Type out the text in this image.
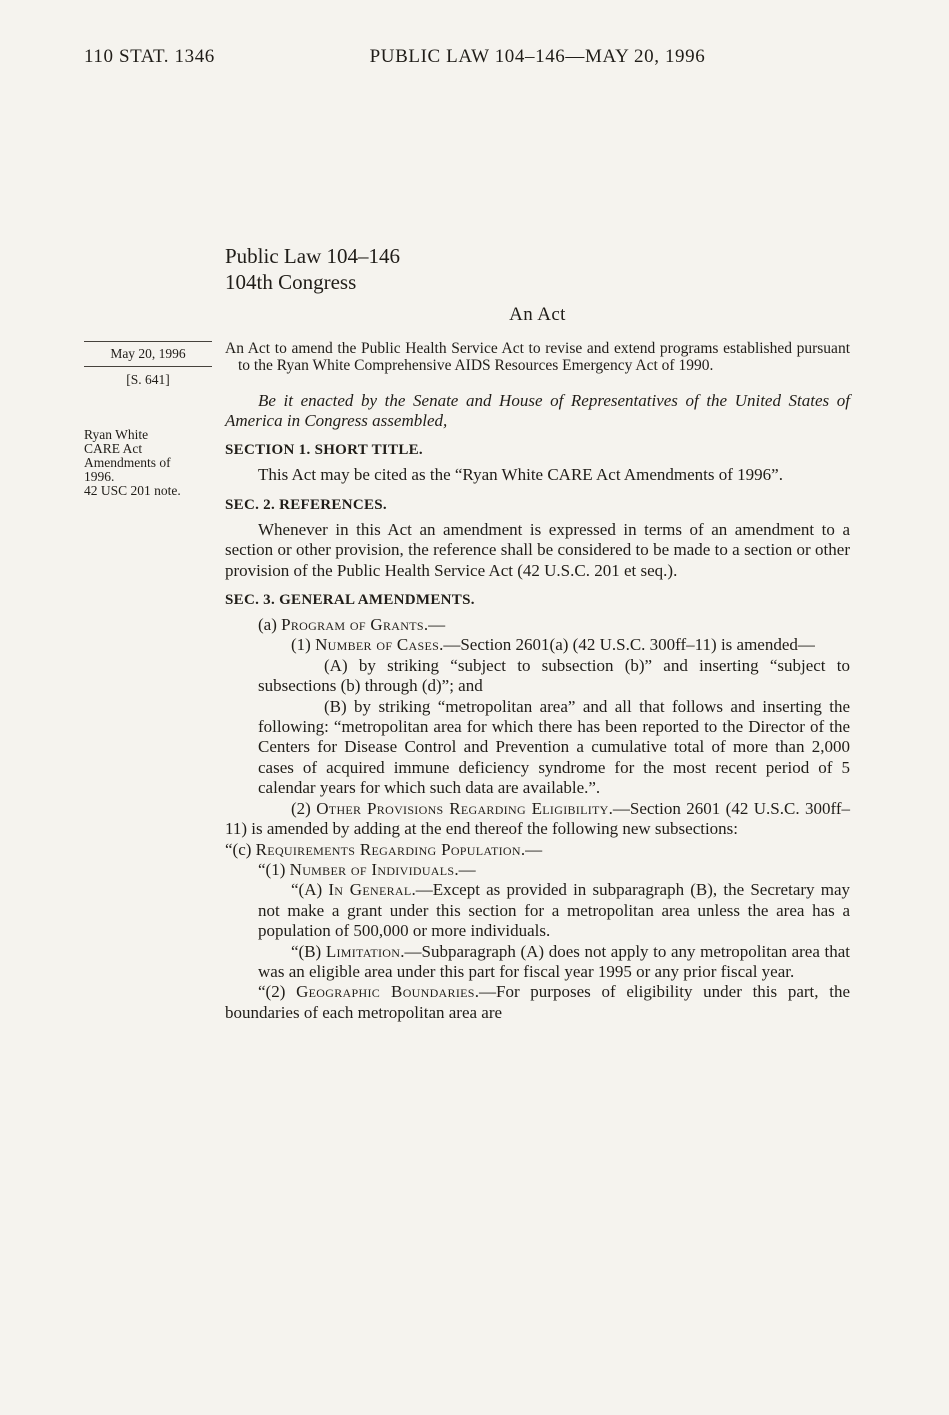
110 STAT. 1346	PUBLIC LAW 104–146—MAY 20, 1996
May 20, 1996
[S. 641]
Ryan White
CARE Act
Amendments of
1996.
42 USC 201 note.
Public Law 104–146
104th Congress
An Act

An Act to amend the Public Health Service Act to revise and extend programs established pursuant to the Ryan White Comprehensive AIDS Resources Emergency Act of 1990.

Be it enacted by the Senate and House of Representatives of the United States of America in Congress assembled,

SECTION 1. SHORT TITLE.

This Act may be cited as the “Ryan White CARE Act Amendments of 1996”.

SEC. 2. REFERENCES.

Whenever in this Act an amendment is expressed in terms of an amendment to a section or other provision, the reference shall be considered to be made to a section or other provision of the Public Health Service Act (42 U.S.C. 201 et seq.).

SEC. 3. GENERAL AMENDMENTS.

(a) Program of Grants.—

(1) Number of Cases.—Section 2601(a) (42 U.S.C. 300ff–11) is amended—

(A) by striking “subject to subsection (b)” and inserting “subject to subsections (b) through (d)”; and

(B) by striking “metropolitan area” and all that follows and inserting the following: “metropolitan area for which there has been reported to the Director of the Centers for Disease Control and Prevention a cumulative total of more than 2,000 cases of acquired immune deficiency syndrome for the most recent period of 5 calendar years for which such data are available.”.

(2) Other Provisions Regarding Eligibility.—Section 2601 (42 U.S.C. 300ff–11) is amended by adding at the end thereof the following new subsections:

“(c) Requirements Regarding Population.—

“(1) Number of Individuals.—

“(A) In General.—Except as provided in subparagraph (B), the Secretary may not make a grant under this section for a metropolitan area unless the area has a population of 500,000 or more individuals.

“(B) Limitation.—Subparagraph (A) does not apply to any metropolitan area that was an eligible area under this part for fiscal year 1995 or any prior fiscal year.

“(2) Geographic Boundaries.—For purposes of eligibility under this part, the boundaries of each metropolitan area are
